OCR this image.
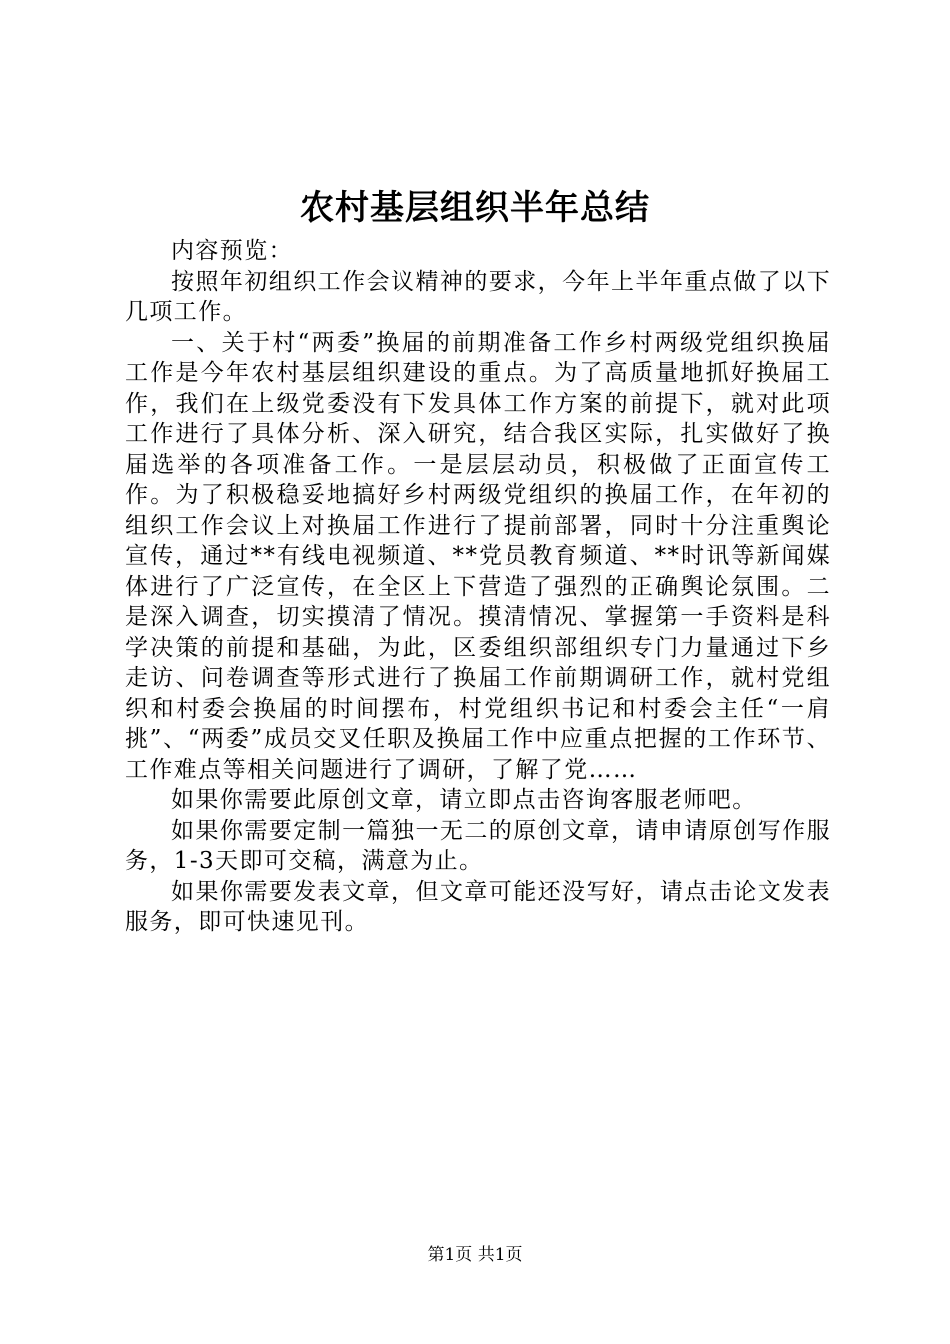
农村基层组织半年总结

内容预览：

按照年初组织工作会议精神的要求，今年上半年重点做了以下几项工作。

一、关于村“两委”换届的前期准备工作乡村两级党组织换届工作是今年农村基层组织建设的重点。为了高质量地抓好换届工作，我们在上级党委没有下发具体工作方案的前提下，就对此项工作进行了具体分析、深入研究，结合我区实际，扎实做好了换届选举的各项准备工作。一是层层动员，积极做了正面宣传工作。为了积极稳妥地搞好乡村两级党组织的换届工作，在年初的组织工作会议上对换届工作进行了提前部署，同时十分注重舆论宣传，通过**有线电视频道、**党员教育频道、**时讯等新闻媒体进行了广泛宣传，在全区上下营造了强烈的正确舆论氛围。二是深入调查，切实摸清了情况。摸清情况、掌握第一手资料是科学决策的前提和基础，为此，区委组织部组织专门力量通过下乡走访、问卷调查等形式进行了换届工作前期调研工作，就村党组织和村委会换届的时间摆布，村党组织书记和村委会主任“一肩挑”、“两委”成员交叉任职及换届工作中应重点把握的工作环节、工作难点等相关问题进行了调研，了解了党……

如果你需要此原创文章，请立即点击咨询客服老师吧。

如果你需要定制一篇独一无二的原创文章，请申请原创写作服务，1-3天即可交稿，满意为止。

如果你需要发表文章，但文章可能还没写好，请点击论文发表服务，即可快速见刊。

第1页 共1页
